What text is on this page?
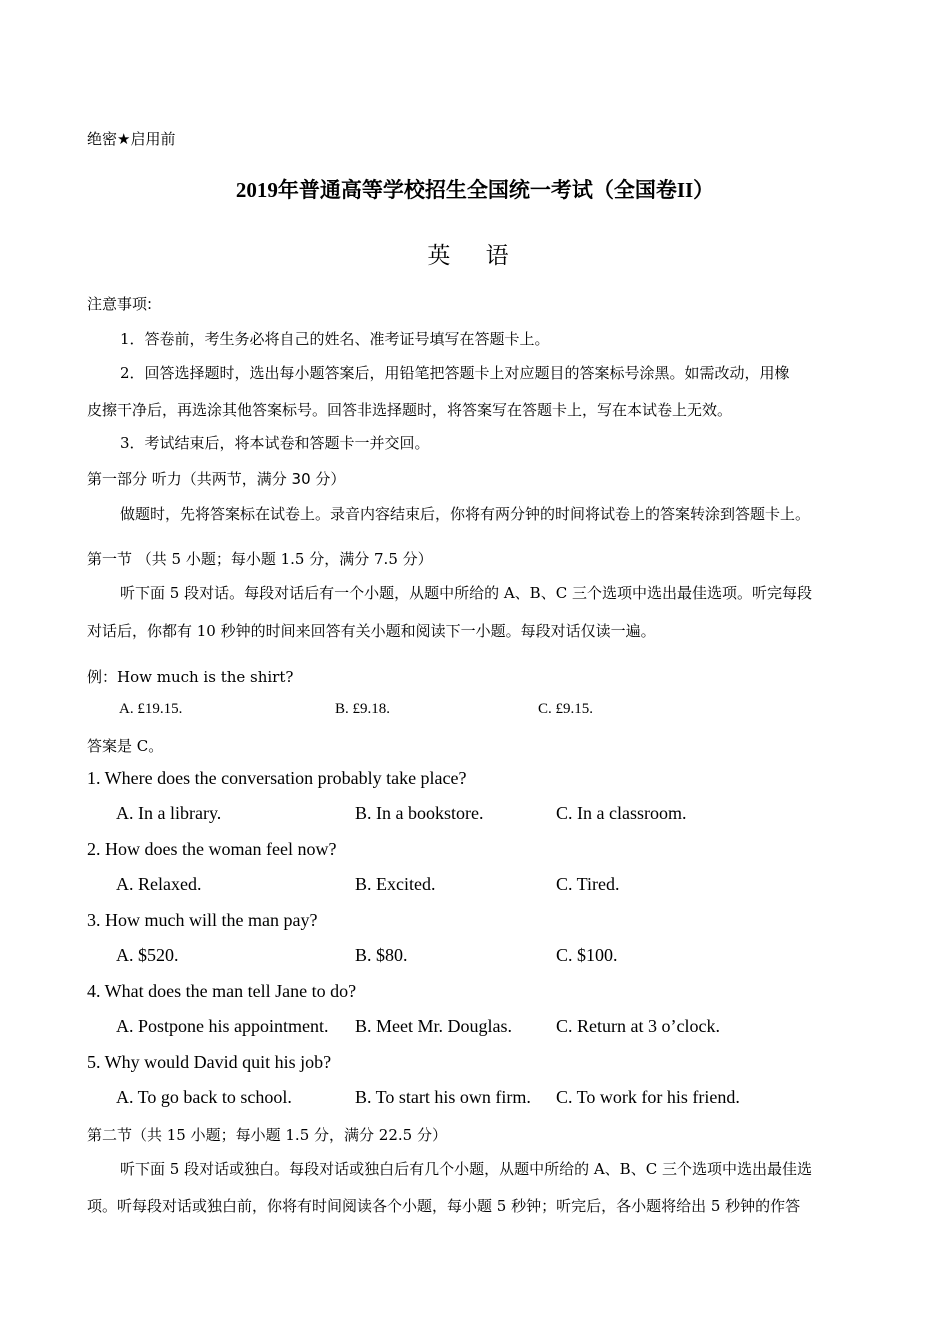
绝密★启用前
2019年普通高等学校招生全国统一考试（全国卷II）
英 语
注意事项:
1．答卷前，考生务必将自己的姓名、准考证号填写在答题卡上。
2．回答选择题时，选出每小题答案后，用铅笔把答题卡上对应题目的答案标号涂黑。如需改动，用橡
皮擦干净后，再选涂其他答案标号。回答非选择题时，将答案写在答题卡上，写在本试卷上无效。
3．考试结束后，将本试卷和答题卡一并交回。
第一部分 听力（共两节，满分 30 分）
做题时，先将答案标在试卷上。录音内容结束后，你将有两分钟的时间将试卷上的答案转涂到答题卡上。
第一节 （共 5 小题；每小题 1.5 分，满分 7.5 分）
听下面 5 段对话。每段对话后有一个小题，从题中所给的 A、B、C 三个选项中选出最佳选项。听完每段
对话后，你都有 10 秒钟的时间来回答有关小题和阅读下一小题。每段对话仅读一遍。
例：How much is the shirt?
A. £19.15.	B. £9.18.	C. £9.15.
答案是 C。
1. Where does the conversation probably take place?
A. In a library.	B. In a bookstore.	C. In a classroom.
2. How does the woman feel now?
A. Relaxed.	B. Excited.	C. Tired.
3. How much will the man pay?
A. $520.	B. $80.	C. $100.
4. What does the man tell Jane to do?
A. Postpone his appointment. B. Meet Mr. Douglas. C. Return at 3 o’clock.
5. Why would David quit his job?
A. To go back to school.	B. To start his own firm. C. To work for his friend.
第二节（共 15 小题；每小题 1.5 分，满分 22.5 分）
听下面 5 段对话或独白。每段对话或独白后有几个小题，从题中所给的 A、B、C 三个选项中选出最佳选
项。听每段对话或独白前，你将有时间阅读各个小题，每小题 5 秒钟；听完后，各小题将给出 5 秒钟的作答
